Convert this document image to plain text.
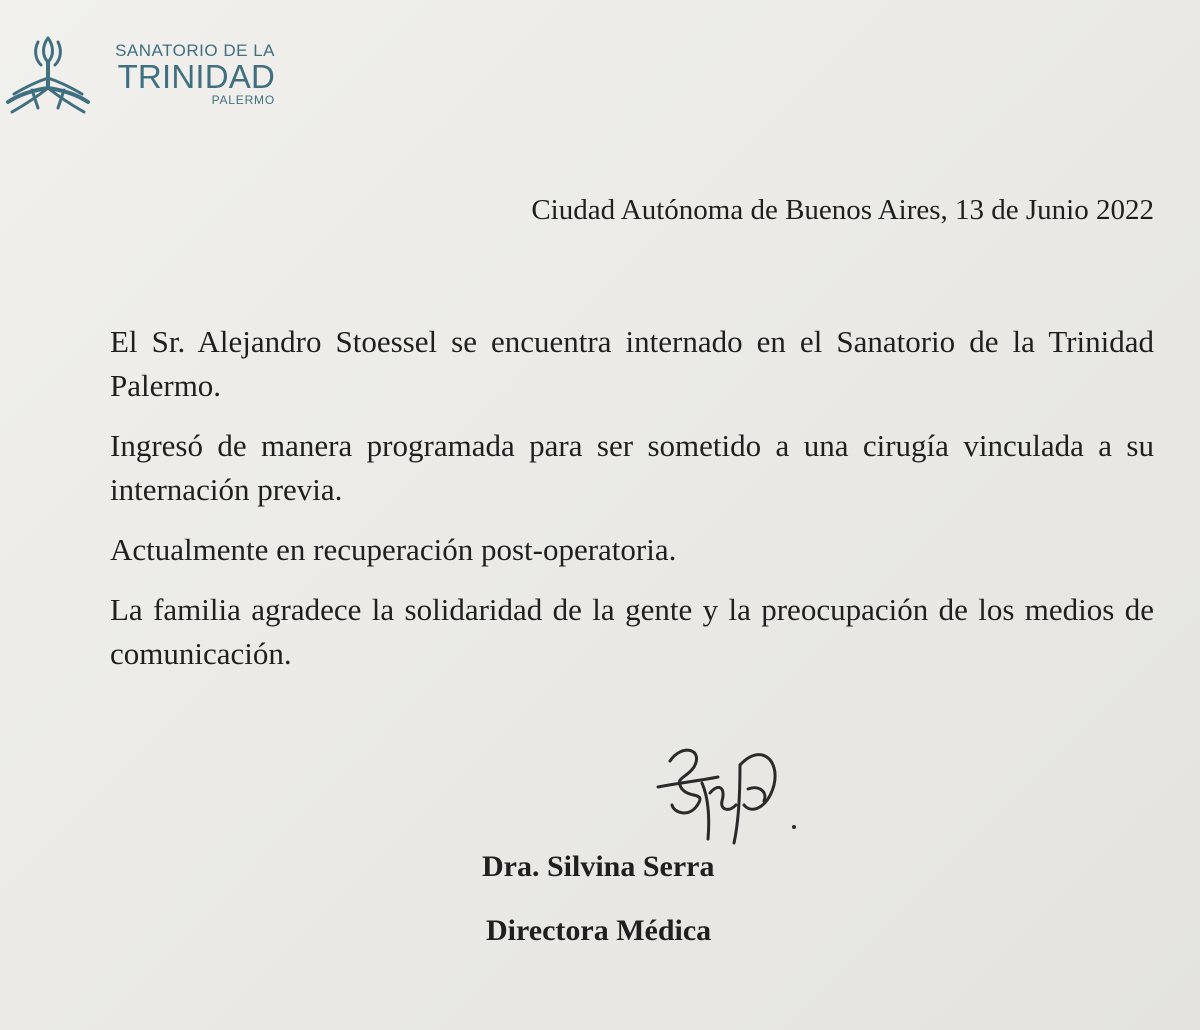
SANATORIO DE LA
TRINIDAD
PALERMO
Ciudad Autónoma de Buenos Aires, 13 de Junio 2022

El Sr. Alejandro Stoessel se encuentra internado en el Sanatorio de la Trinidad Palermo.

Ingresó de manera programada para ser sometido a una cirugía vinculada a su internación previa.

Actualmente en recuperación post-operatoria.

La familia agradece la solidaridad de la gente y la preocupación de los medios de comunicación.

Dra. Silvina Serra
Directora Médica
